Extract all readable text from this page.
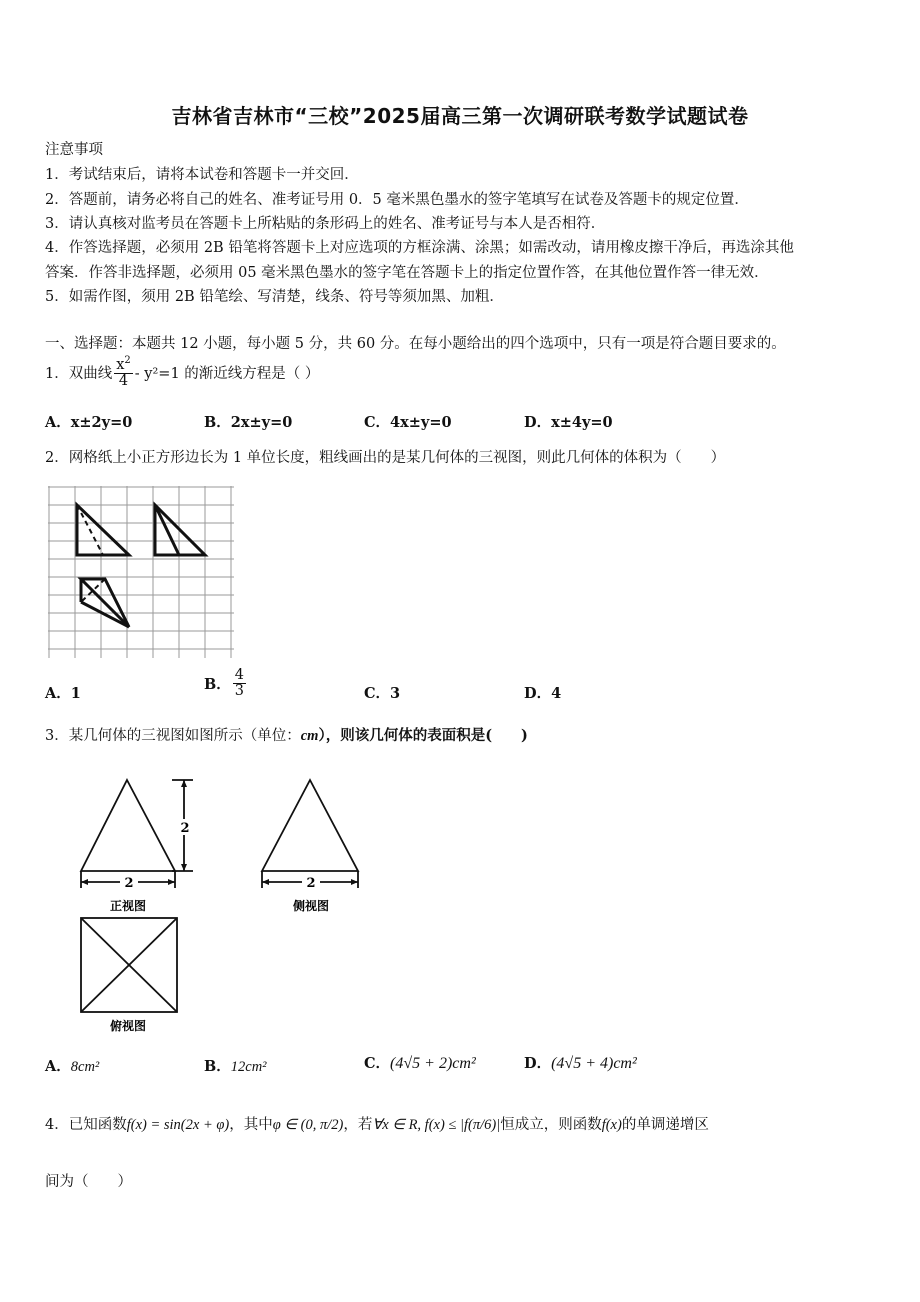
吉林省吉林市“三校”2025届高三第一次调研联考数学试题试卷
注意事项
1．考试结束后，请将本试卷和答题卡一并交回．
2．答题前，请务必将自己的姓名、准考证号用 0．5 毫米黑色墨水的签字笔填写在试卷及答题卡的规定位置．
3．请认真核对监考员在答题卡上所粘贴的条形码上的姓名、准考证号与本人是否相符．
4．作答选择题，必须用 2B 铅笔将答题卡上对应选项的方框涂满、涂黑；如需改动，请用橡皮擦干净后，再选涂其他
答案．作答非选择题，必须用 05 毫米黑色墨水的签字笔在答题卡上的指定位置作答，在其他位置作答一律无效．
5．如需作图，须用 2B 铅笔绘、写清楚，线条、符号等须加黑、加粗．
一、选择题：本题共 12 小题，每小题 5 分，共 60 分。在每小题给出的四个选项中，只有一项是符合题目要求的。
1．双曲线 $\frac{x^2}{4} - y^2=1$ 的渐近线方程是（ ）
A．x±2y=0	B．2x±y=0	C．4x±y=0	D．x±4y=0
2．网格纸上小正方形边长为 1 单位长度，粗线画出的是某几何体的三视图，则此几何体的体积为（　　）
A．1
B． $\frac{4}{3}$	C．3	D．4
3．某几何体的三视图如图所示（单位：cm），则该几何体的表面积是(　　)
2	2
2
正视图	侧视图
俯视图
A．8cm²	B．12cm²	C．(4√5 + 2)cm²	D．(4√5 + 4)cm²
4．已知函数f(x) = sin(2x + φ)，其中φ ∈ (0, π/2)，若∀x ∈ R, f(x) ≤ |f(π/6)|恒成立，则函数f(x)的单调递增区
间为（　　）
